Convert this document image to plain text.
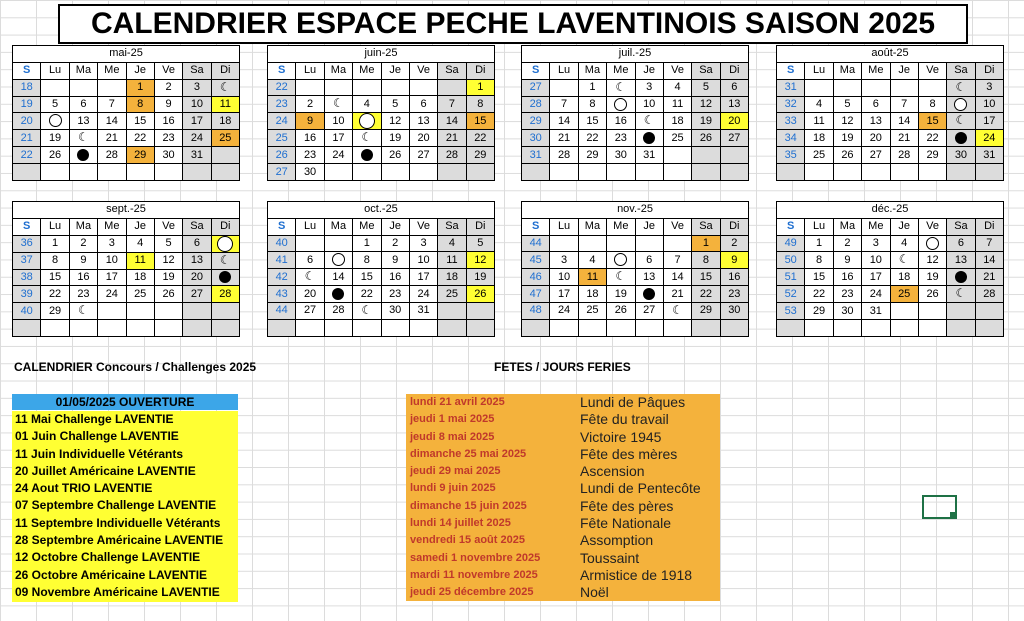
CALENDRIER ESPACE PECHE LAVENTINOIS SAISON 2025
mai-25							
S	Lu	Ma	Me	Je	Ve	Sa	Di
18				1	2	3	☾
19	5	6	7	8	9	10	11
20		13	14	15	16	17	18
21	19	☾	21	22	23	24	25
22	26		28	29	30	31	

juin-25							
S	Lu	Ma	Me	Je	Ve	Sa	Di
22							1
23	2	☾	4	5	6	7	8
24	9	10		12	13	14	15
25	16	17	☾	19	20	21	22
26	23	24		26	27	28	29
27	30						
juil.-25							
S	Lu	Ma	Me	Je	Ve	Sa	Di
27		1	☾	3	4	5	6
28	7	8		10	11	12	13
29	14	15	16	☾	18	19	20
30	21	22	23		25	26	27
31	28	29	30	31			

août-25							
S	Lu	Ma	Me	Je	Ve	Sa	Di
31						☾	3
32	4	5	6	7	8		10
33	11	12	13	14	15	☾	17
34	18	19	20	21	22		24
35	25	26	27	28	29	30	31

sept.-25							
S	Lu	Ma	Me	Je	Ve	Sa	Di
36	1	2	3	4	5	6	
37	8	9	10	11	12	13	☾
38	15	16	17	18	19	20	
39	22	23	24	25	26	27	28
40	29	☾					

oct.-25							
S	Lu	Ma	Me	Je	Ve	Sa	Di
40			1	2	3	4	5
41	6		8	9	10	11	12
42	☾	14	15	16	17	18	19
43	20		22	23	24	25	26
44	27	28	☾	30	31		

nov.-25							
S	Lu	Ma	Me	Je	Ve	Sa	Di
44						1	2
45	3	4		6	7	8	9
46	10	11	☾	13	14	15	16
47	17	18	19		21	22	23
48	24	25	26	27	☾	29	30

déc.-25							
S	Lu	Ma	Me	Je	Ve	Sa	Di
49	1	2	3	4		6	7
50	8	9	10	☾	12	13	14
51	15	16	17	18	19		21
52	22	23	24	25	26	☾	28
53	29	30	31				

CALENDRIER Concours / Challenges 2025	FETES / JOURS FERIES
01/05/2025 OUVERTURE
11 Mai Challenge LAVENTIE
01 Juin Challenge LAVENTIE
11 Juin Individuelle Vétérants
20 Juillet Américaine LAVENTIE
24 Aout TRIO LAVENTIE
07 Septembre Challenge LAVENTIE
11 Septembre Individuelle Vétérants
28 Septembre Américaine LAVENTIE
12 Octobre Challenge LAVENTIE
26 Octobre Américaine LAVENTIE
09 Novembre Américaine LAVENTIE
lundi 21 avril 2025	Lundi de Pâques
jeudi 1 mai 2025	Fête du travail
jeudi 8 mai 2025	Victoire 1945
dimanche 25 mai 2025	Fête des mères
jeudi 29 mai 2025	Ascension
lundi 9 juin 2025	Lundi de Pentecôte
dimanche 15 juin 2025	Fête des pères
lundi 14 juillet 2025	Fête Nationale
vendredi 15 août 2025	Assomption
samedi 1 novembre 2025	Toussaint
mardi 11 novembre 2025	Armistice de 1918
jeudi 25 décembre 2025	Noël
